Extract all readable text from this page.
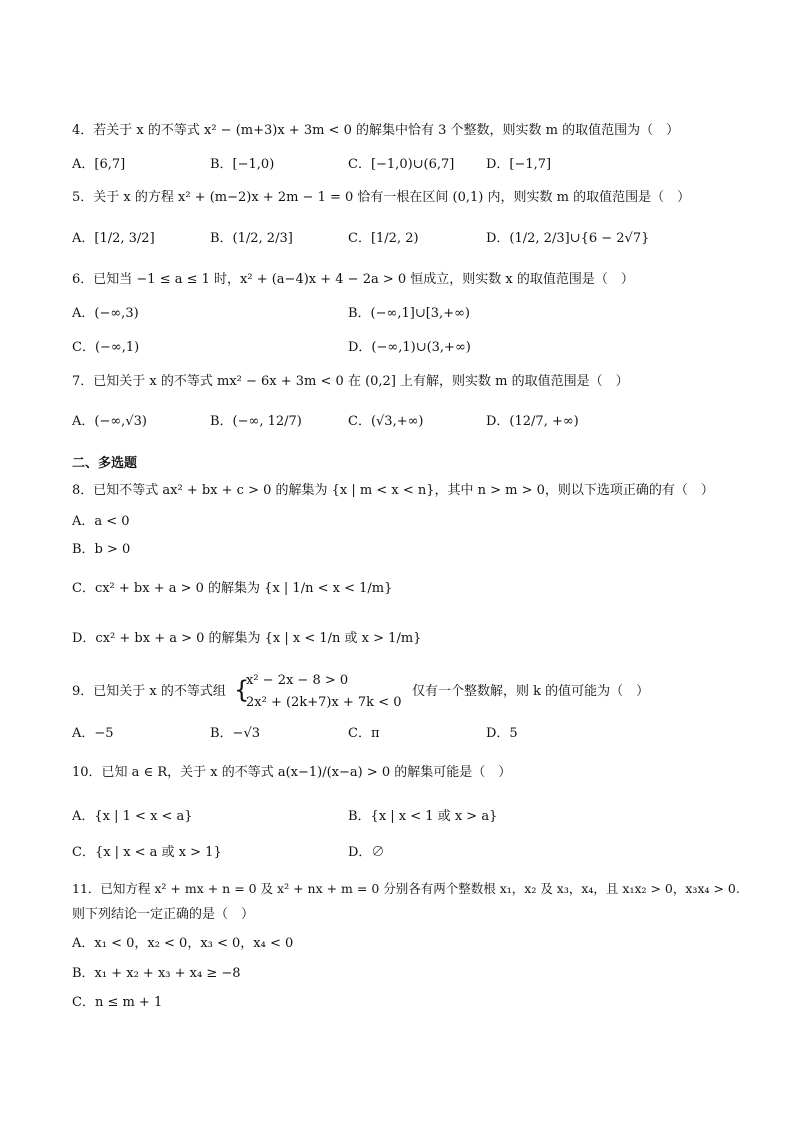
4．若关于 x 的不等式 x² − (m+3)x + 3m < 0 的解集中恰有 3 个整数，则实数 m 的取值范围为（　）
A．[6,7]	B．[−1,0)	C．[−1,0)∪(6,7] D．[−1,7]
5．关于 x 的方程 x² + (m−2)x + 2m − 1 = 0 恰有一根在区间 (0,1) 内，则实数 m 的取值范围是（　）
A．[1/2, 3/2]	B．(1/2, 2/3]	C．[1/2, 2)	D．(1/2, 2/3]∪{6 − 2√7}
6．已知当 −1 ≤ a ≤ 1 时，x² + (a−4)x + 4 − 2a > 0 恒成立，则实数 x 的取值范围是（　）
A．(−∞,3)	B．(−∞,1]∪[3,+∞)
C．(−∞,1)	D．(−∞,1)∪(3,+∞)
7．已知关于 x 的不等式 mx² − 6x + 3m < 0 在 (0,2] 上有解，则实数 m 的取值范围是（　）
A．(−∞,√3)	B．(−∞, 12/7)	C．(√3,+∞)	D．(12/7, +∞)
二、多选题
8．已知不等式 ax² + bx + c > 0 的解集为 {x | m < x < n}，其中 n > m > 0，则以下选项正确的有（　）
A．a < 0
B．b > 0
C．cx² + bx + a > 0 的解集为 {x | 1/n < x < 1/m}
D．cx² + bx + a > 0 的解集为 {x | x < 1/n 或 x > 1/m}
9．已知关于 x 的不等式组 {
x² − 2x − 8 > 0
2x² + (2k+7)x + 7k < 0
仅有一个整数解，则 k 的值可能为（　）
A．−5	B．−√3	C．π	D．5
10．已知 a ∈ R，关于 x 的不等式 a(x−1)/(x−a) > 0 的解集可能是（　）
A．{x | 1 < x < a}	B．{x | x < 1 或 x > a}
C．{x | x < a 或 x > 1}	D．∅
11．已知方程 x² + mx + n = 0 及 x² + nx + m = 0 分别各有两个整数根 x₁，x₂ 及 x₃，x₄，且 x₁x₂ > 0，x₃x₄ > 0.
则下列结论一定正确的是（　）
A．x₁ < 0，x₂ < 0，x₃ < 0，x₄ < 0
B．x₁ + x₂ + x₃ + x₄ ≥ −8
C．n ≤ m + 1
